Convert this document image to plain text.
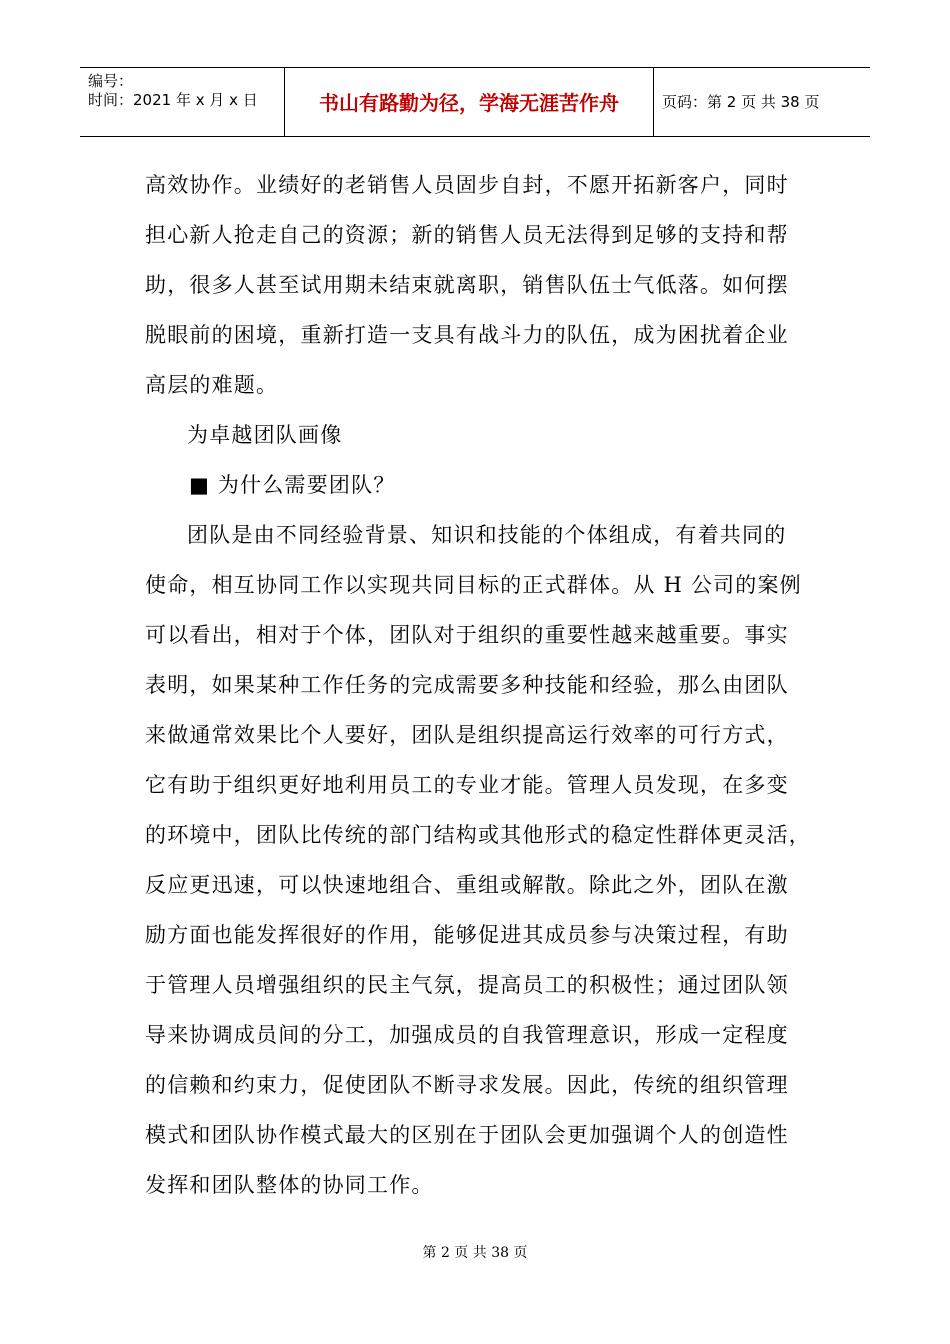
编号：
时间：2021 年 x 月 x 日	书山有路勤为径，学海无涯苦作舟	页码：第 2 页 共 38 页
高效协作。业绩好的老销售人员固步自封，不愿开拓新客户，同时
担心新人抢走自己的资源；新的销售人员无法得到足够的支持和帮
助，很多人甚至试用期未结束就离职，销售队伍士气低落。如何摆
脱眼前的困境，重新打造一支具有战斗力的队伍，成为困扰着企业
高层的难题。
为卓越团队画像
■ 为什么需要团队？
团队是由不同经验背景、知识和技能的个体组成，有着共同的
使命，相互协同工作以实现共同目标的正式群体。从 H 公司的案例
可以看出，相对于个体，团队对于组织的重要性越来越重要。事实
表明，如果某种工作任务的完成需要多种技能和经验，那么由团队
来做通常效果比个人要好，团队是组织提高运行效率的可行方式，
它有助于组织更好地利用员工的专业才能。管理人员发现，在多变
的环境中，团队比传统的部门结构或其他形式的稳定性群体更灵活，
反应更迅速，可以快速地组合、重组或解散。除此之外，团队在激
励方面也能发挥很好的作用，能够促进其成员参与决策过程，有助
于管理人员增强组织的民主气氛，提高员工的积极性；通过团队领
导来协调成员间的分工，加强成员的自我管理意识，形成一定程度
的信赖和约束力，促使团队不断寻求发展。因此，传统的组织管理
模式和团队协作模式最大的区别在于团队会更加强调个人的创造性
发挥和团队整体的协同工作。
第 2 页 共 38 页
